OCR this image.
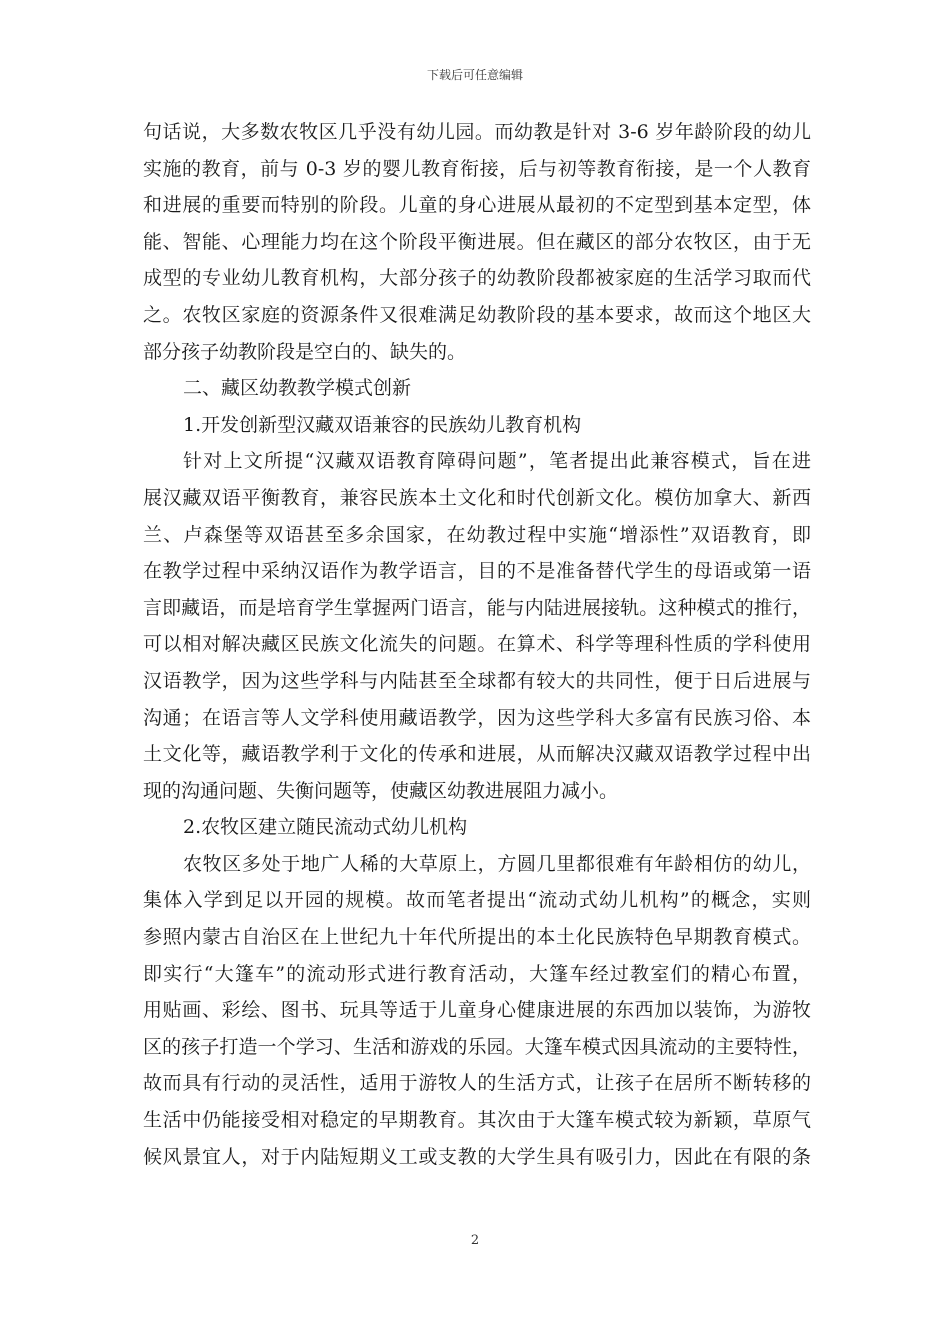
下载后可任意编辑
句话说，大多数农牧区几乎没有幼儿园。而幼教是针对 3-6 岁年龄阶段的幼儿
实施的教育，前与 0-3 岁的婴儿教育衔接，后与初等教育衔接，是一个人教育
和进展的重要而特别的阶段。儿童的身心进展从最初的不定型到基本定型，体
能、智能、心理能力均在这个阶段平衡进展。但在藏区的部分农牧区，由于无
成型的专业幼儿教育机构，大部分孩子的幼教阶段都被家庭的生活学习取而代
之。农牧区家庭的资源条件又很难满足幼教阶段的基本要求，故而这个地区大
部分孩子幼教阶段是空白的、缺失的。
二、藏区幼教教学模式创新
1.开发创新型汉藏双语兼容的民族幼儿教育机构
针对上文所提“汉藏双语教育障碍问题”，笔者提出此兼容模式，旨在进
展汉藏双语平衡教育，兼容民族本土文化和时代创新文化。模仿加拿大、新西
兰、卢森堡等双语甚至多余国家，在幼教过程中实施“增添性”双语教育，即
在教学过程中采纳汉语作为教学语言，目的不是准备替代学生的母语或第一语
言即藏语，而是培育学生掌握两门语言，能与内陆进展接轨。这种模式的推行，
可以相对解决藏区民族文化流失的问题。在算术、科学等理科性质的学科使用
汉语教学，因为这些学科与内陆甚至全球都有较大的共同性，便于日后进展与
沟通；在语言等人文学科使用藏语教学，因为这些学科大多富有民族习俗、本
土文化等，藏语教学利于文化的传承和进展，从而解决汉藏双语教学过程中出
现的沟通问题、失衡问题等，使藏区幼教进展阻力减小。
2.农牧区建立随民流动式幼儿机构
农牧区多处于地广人稀的大草原上，方圆几里都很难有年龄相仿的幼儿，
集体入学到足以开园的规模。故而笔者提出“流动式幼儿机构”的概念，实则
参照内蒙古自治区在上世纪九十年代所提出的本土化民族特色早期教育模式。
即实行“大篷车”的流动形式进行教育活动，大篷车经过教室们的精心布置，
用贴画、彩绘、图书、玩具等适于儿童身心健康进展的东西加以装饰，为游牧
区的孩子打造一个学习、生活和游戏的乐园。大篷车模式因具流动的主要特性，
故而具有行动的灵活性，适用于游牧人的生活方式，让孩子在居所不断转移的
生活中仍能接受相对稳定的早期教育。其次由于大篷车模式较为新颖，草原气
候风景宜人，对于内陆短期义工或支教的大学生具有吸引力，因此在有限的条
2
